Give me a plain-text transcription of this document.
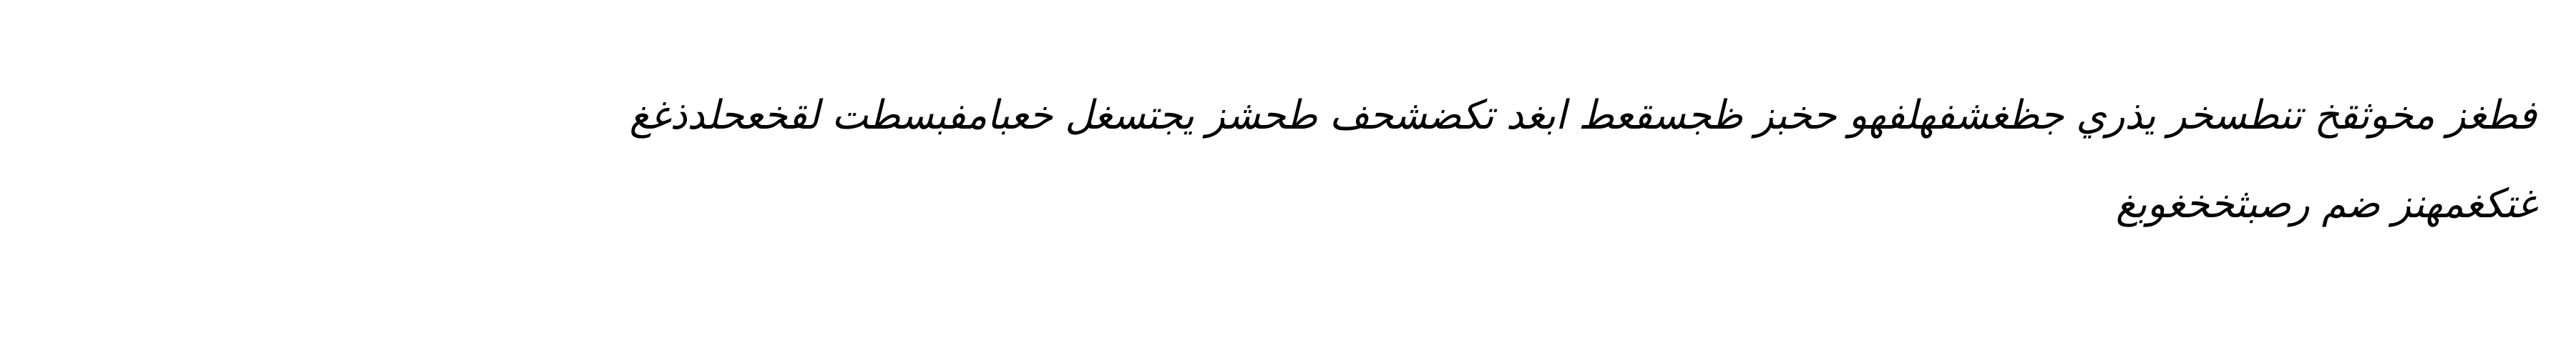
فطغز مخوثقخ تنطسخر يذري جظغشفهلفهو حخبز ظجسقعط ابغد تكضشحف طحشز يجتسغل خعبامفبسطت لقخعحلدذغغ
غتكغمهنز ضم رصبثخخغوبغ
